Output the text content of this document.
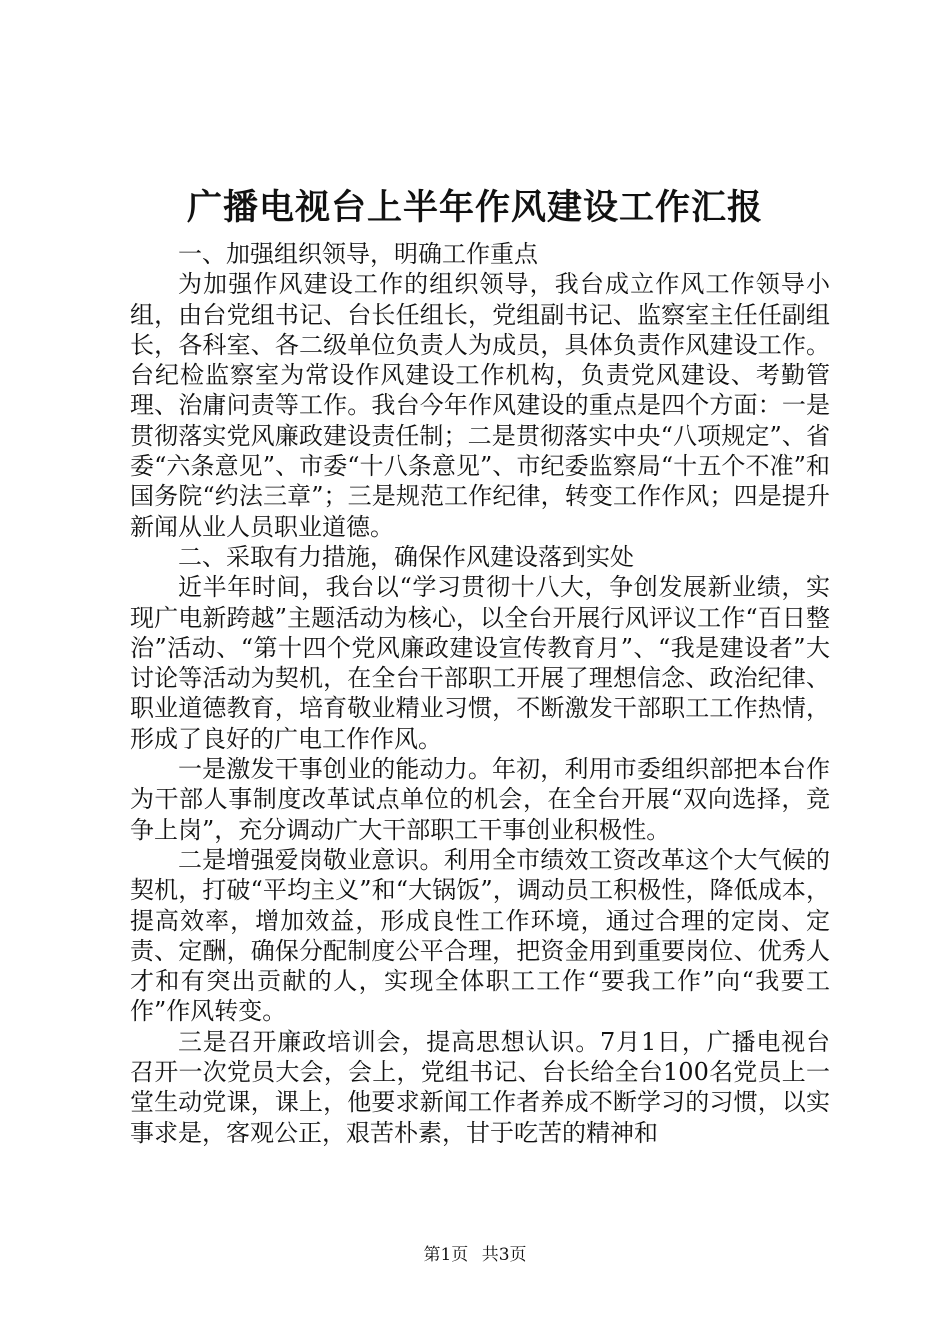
广播电视台上半年作风建设工作汇报

一、加强组织领导，明确工作重点

为加强作风建设工作的组织领导，我台成立作风工作领导小组，由台党组书记、台长任组长，党组副书记、监察室主任任副组长，各科室、各二级单位负责人为成员，具体负责作风建设工作。台纪检监察室为常设作风建设工作机构，负责党风建设、考勤管理、治庸问责等工作。我台今年作风建设的重点是四个方面：一是贯彻落实党风廉政建设责任制；二是贯彻落实中央“八项规定”、省委“六条意见”、市委“十八条意见”、市纪委监察局“十五个不准”和国务院“约法三章”；三是规范工作纪律，转变工作作风；四是提升新闻从业人员职业道德。

二、采取有力措施，确保作风建设落到实处

近半年时间，我台以“学习贯彻十八大，争创发展新业绩，实现广电新跨越”主题活动为核心，以全台开展行风评议工作“百日整治”活动、“第十四个党风廉政建设宣传教育月”、“我是建设者”大讨论等活动为契机，在全台干部职工开展了理想信念、政治纪律、职业道德教育，培育敬业精业习惯，不断激发干部职工工作热情，形成了良好的广电工作作风。

一是激发干事创业的能动力。年初，利用市委组织部把本台作为干部人事制度改革试点单位的机会，在全台开展“双向选择，竞争上岗”，充分调动广大干部职工干事创业积极性。

二是增强爱岗敬业意识。利用全市绩效工资改革这个大气候的契机，打破“平均主义”和“大锅饭”，调动员工积极性，降低成本，提高效率，增加效益，形成良性工作环境，通过合理的定岗、定责、定酬，确保分配制度公平合理，把资金用到重要岗位、优秀人才和有突出贡献的人，实现全体职工工作“要我工作”向“我要工作”作风转变。

三是召开廉政培训会，提高思想认识。7月1日，广播电视台召开一次党员大会，会上，党组书记、台长给全台100名党员上一堂生动党课，课上，他要求新闻工作者养成不断学习的习惯，以实事求是，客观公正，艰苦朴素，甘于吃苦的精神和

第1页 共3页
